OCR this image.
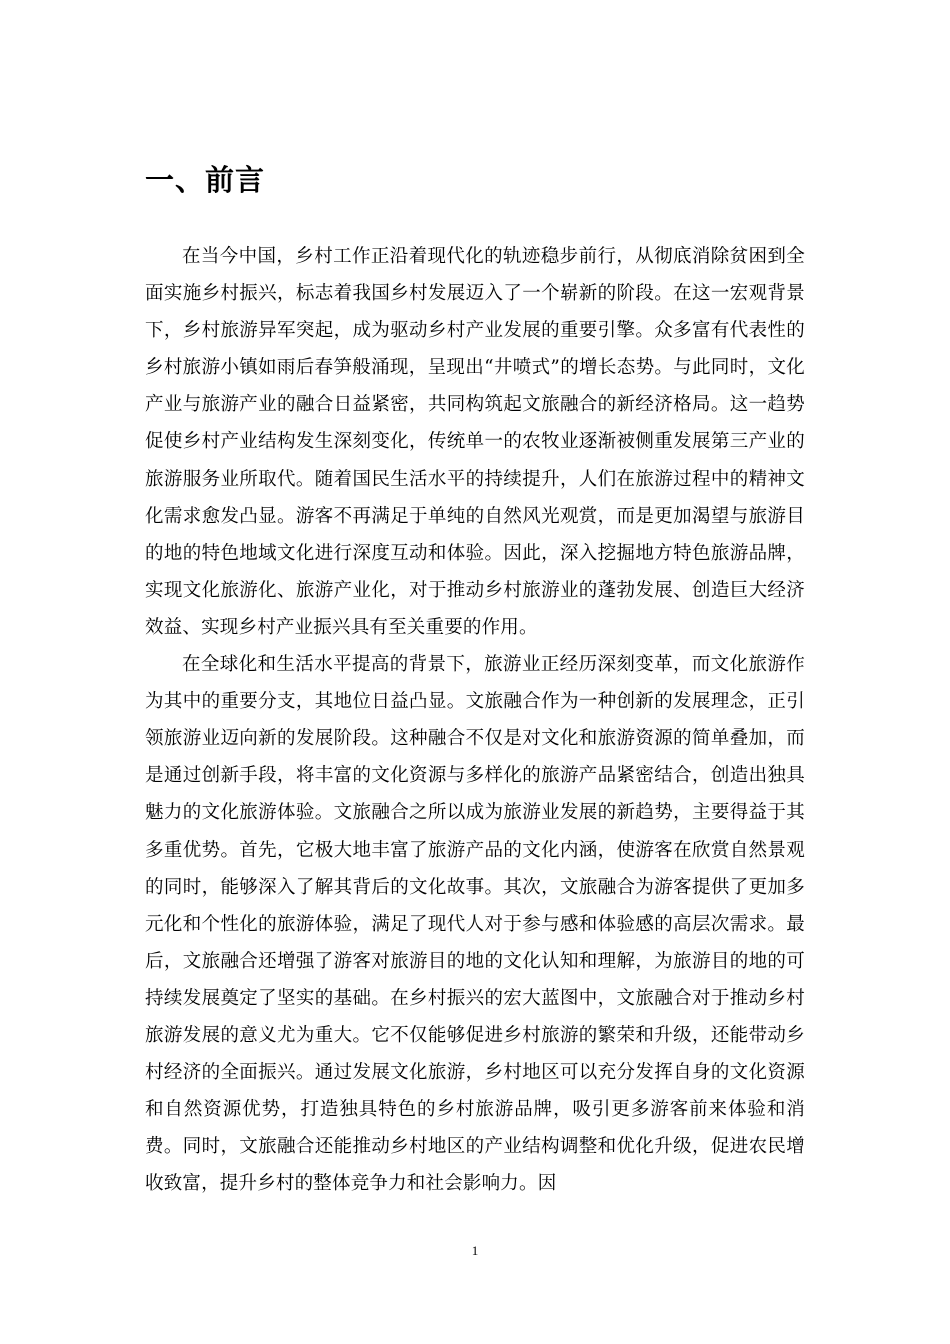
一、前言

在当今中国，乡村工作正沿着现代化的轨迹稳步前行，从彻底消除贫困到全面实施乡村振兴，标志着我国乡村发展迈入了一个崭新的阶段。在这一宏观背景下，乡村旅游异军突起，成为驱动乡村产业发展的重要引擎。众多富有代表性的乡村旅游小镇如雨后春笋般涌现，呈现出“井喷式”的增长态势。与此同时，文化产业与旅游产业的融合日益紧密，共同构筑起文旅融合的新经济格局。这一趋势促使乡村产业结构发生深刻变化，传统单一的农牧业逐渐被侧重发展第三产业的旅游服务业所取代。随着国民生活水平的持续提升，人们在旅游过程中的精神文化需求愈发凸显。游客不再满足于单纯的自然风光观赏，而是更加渴望与旅游目的地的特色地域文化进行深度互动和体验。因此，深入挖掘地方特色旅游品牌，实现文化旅游化、旅游产业化，对于推动乡村旅游业的蓬勃发展、创造巨大经济效益、实现乡村产业振兴具有至关重要的作用。

在全球化和生活水平提高的背景下，旅游业正经历深刻变革，而文化旅游作为其中的重要分支，其地位日益凸显。文旅融合作为一种创新的发展理念，正引领旅游业迈向新的发展阶段。这种融合不仅是对文化和旅游资源的简单叠加，而是通过创新手段，将丰富的文化资源与多样化的旅游产品紧密结合，创造出独具魅力的文化旅游体验。文旅融合之所以成为旅游业发展的新趋势，主要得益于其多重优势。首先，它极大地丰富了旅游产品的文化内涵，使游客在欣赏自然景观的同时，能够深入了解其背后的文化故事。其次，文旅融合为游客提供了更加多元化和个性化的旅游体验，满足了现代人对于参与感和体验感的高层次需求。最后，文旅融合还增强了游客对旅游目的地的文化认知和理解，为旅游目的地的可持续发展奠定了坚实的基础。在乡村振兴的宏大蓝图中，文旅融合对于推动乡村旅游发展的意义尤为重大。它不仅能够促进乡村旅游的繁荣和升级，还能带动乡村经济的全面振兴。通过发展文化旅游，乡村地区可以充分发挥自身的文化资源和自然资源优势，打造独具特色的乡村旅游品牌，吸引更多游客前来体验和消费。同时，文旅融合还能推动乡村地区的产业结构调整和优化升级，促进农民增收致富，提升乡村的整体竞争力和社会影响力。因

1
